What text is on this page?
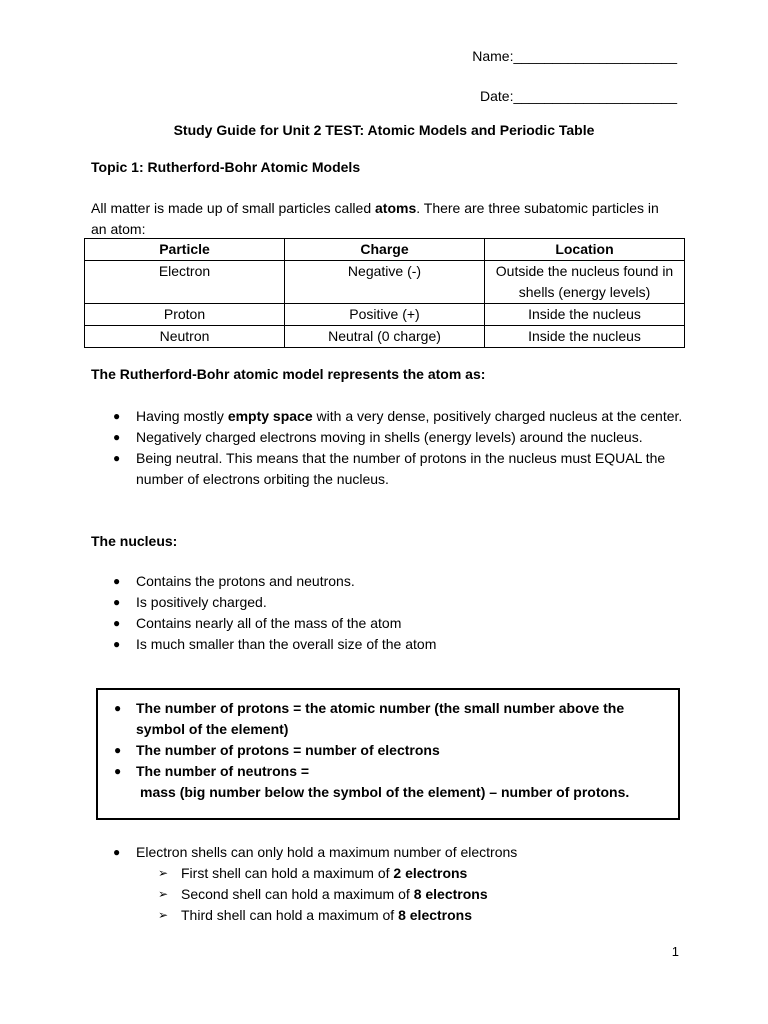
Name:_____________________
Date:_____________________
Study Guide for Unit 2 TEST: Atomic Models and Periodic Table
Topic 1: Rutherford-Bohr Atomic Models
All matter is made up of small particles called atoms. There are three subatomic particles in an atom:
Particle	Charge	Location
Electron	Negative (-)	Outside the nucleus found in shells (energy levels)
Proton	Positive (+)	Inside the nucleus
Neutron	Neutral (0 charge)	Inside the nucleus
The Rutherford-Bohr atomic model represents the atom as:
● Having mostly empty space with a very dense, positively charged nucleus at the center.
● Negatively charged electrons moving in shells (energy levels) around the nucleus.
● Being neutral. This means that the number of protons in the nucleus must EQUAL the number of electrons orbiting the nucleus.
The nucleus:
● Contains the protons and neutrons.
● Is positively charged.
● Contains nearly all of the mass of the atom
● Is much smaller than the overall size of the atom
● The number of protons = the atomic number (the small number above the symbol of the element)
● The number of protons = number of electrons
● The number of neutrons =
mass (big number below the symbol of the element) – number of protons.
● Electron shells can only hold a maximum number of electrons
➢ First shell can hold a maximum of 2 electrons
➢ Second shell can hold a maximum of 8 electrons
➢ Third shell can hold a maximum of 8 electrons
1
